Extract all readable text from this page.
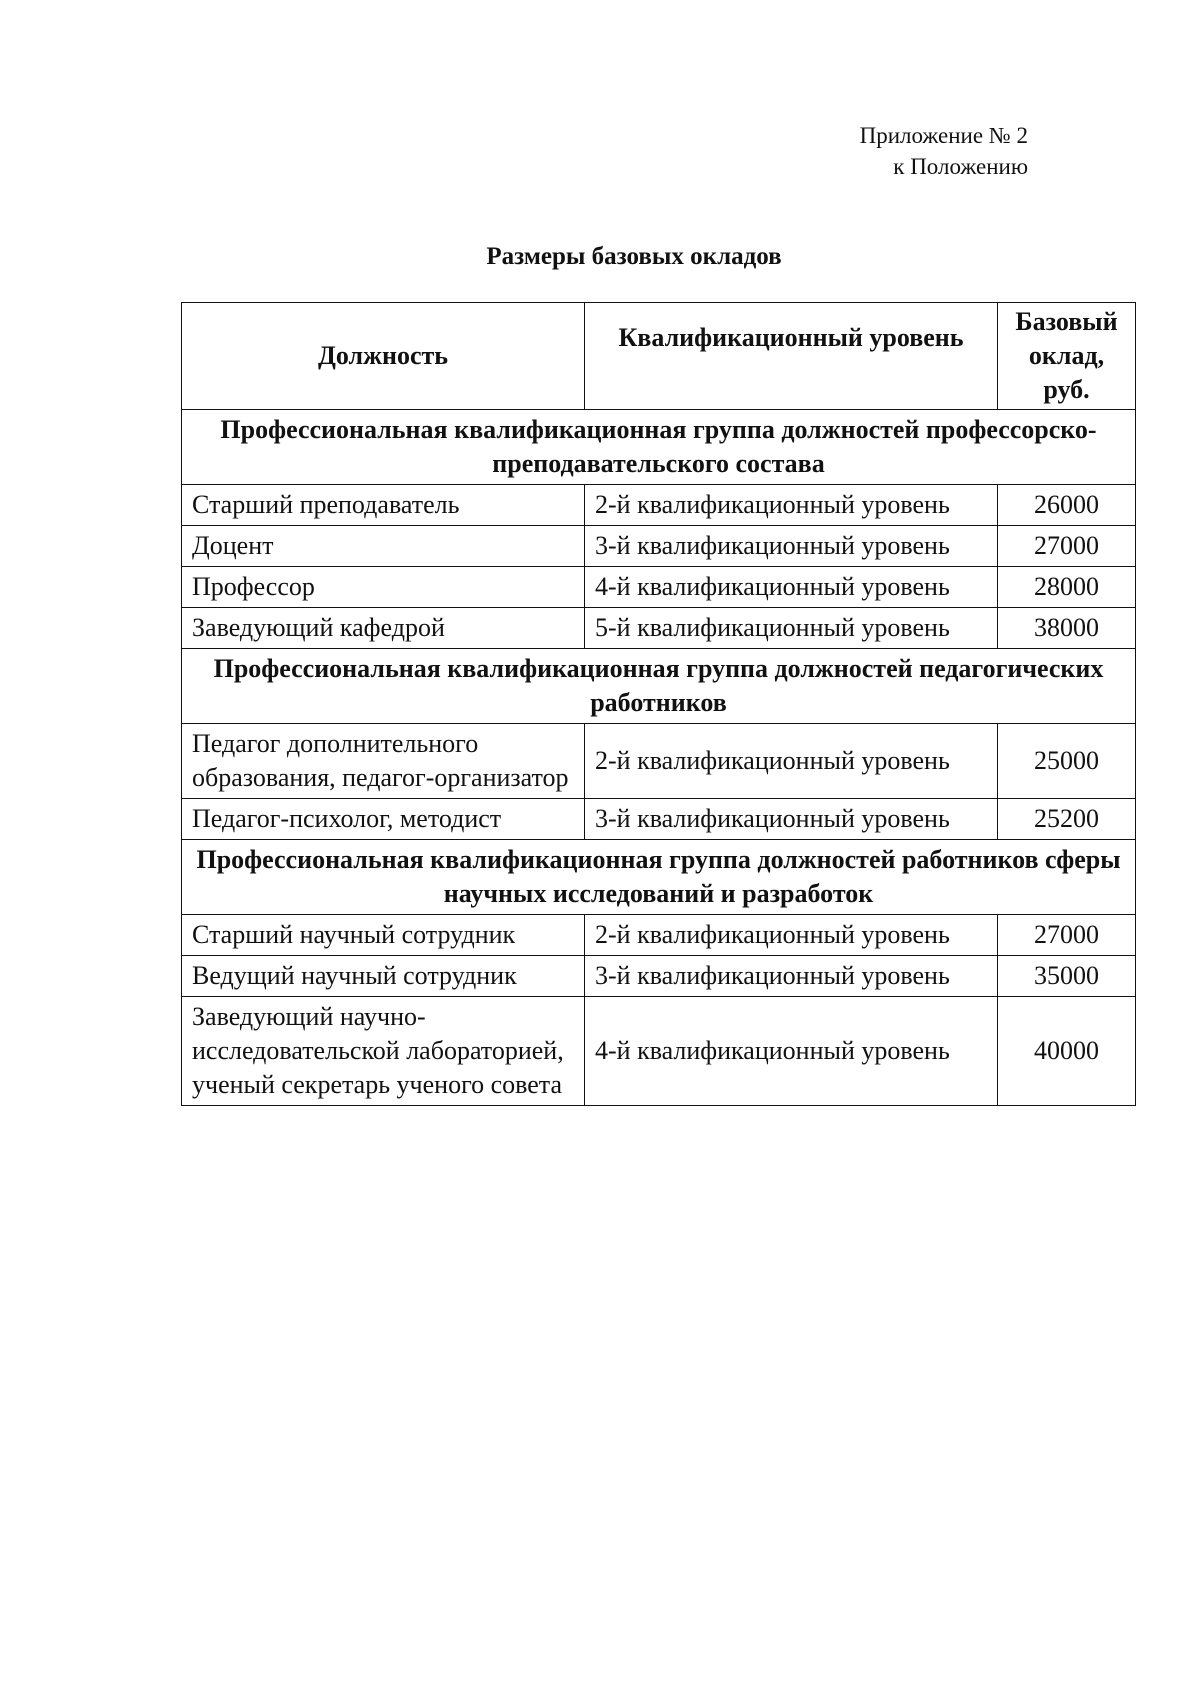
Приложение № 2
к Положению
Размеры базовых окладов
Должность	Квалификационный уровень	Базовый оклад, руб.
Профессиональная квалификационная группа должностей профессорско-преподавательского состава		
Старший преподаватель	2-й квалификационный уровень	26000
Доцент	3-й квалификационный уровень	27000
Профессор	4-й квалификационный уровень	28000
Заведующий кафедрой	5-й квалификационный уровень	38000
Профессиональная квалификационная группа должностей педагогических работников		
Педагог дополнительного образования, педагог-организатор	2-й квалификационный уровень	25000
Педагог-психолог, методист	3-й квалификационный уровень	25200
Профессиональная квалификационная группа должностей работников сферы научных исследований и разработок		
Старший научный сотрудник	2-й квалификационный уровень	27000
Ведущий научный сотрудник	3-й квалификационный уровень	35000
Заведующий научно-исследовательской лабораторией, ученый секретарь ученого совета	4-й квалификационный уровень	40000
